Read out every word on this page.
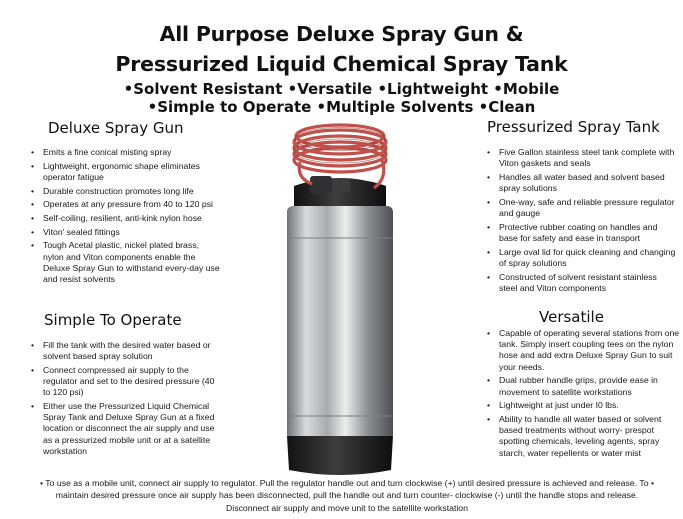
All Purpose Deluxe Spray Gun &
Pressurized Liquid Chemical Spray Tank
•Solvent Resistant •Versatile •Lightweight •Mobile
•Simple to Operate •Multiple Solvents •Clean
Deluxe Spray Gun
• Emits a fine conical misting spray
• Lightweight, ergonomic shape eliminates operator fatigue
• Durable construction promotes long life
• Operates at any pressure from 40 to 120 psi
• Self-coiling, resilient, anti-kink nylon hose
• Viton’ sealed fittings
• Tough Acetal plastic, nickel plated brass, nylon and Viton components enable the Deluxe Spray Gun to withstand every-day use and resist solvents
Simple To Operate
• Fill the tank with the desired water based or solvent based spray solution
• Connect compressed air supply to the regulator and set to the desired pressure (40 to 120 psi)
• Either use the Pressurized Liquid Chemical Spray Tank and Deluxe Spray Gun at a fixed location or disconnect the air supply and use as a pressurized mobile unit or at a satellite workstation
Pressurized Spray Tank
• Five Gallon stainless steel tank complete with Viton gaskets and seals
• Handles all water based and solvent based spray solutions
• One-way, safe and reliable pressure regulator and gauge
• Protective rubber coating on handles and base for safety and ease in transport
• Large oval lid for quick cleaning and changing of spray solutions
• Constructed of solvent resistant stainless steel and Viton components
Versatile
• Capable of operating several stations from one tank. Simply insert coupling tees on the nylon hose and add extra Deluxe Spray Gun to suit your needs.
• Dual rubber handle grips, provide ease in movement to satellite workstations
• Lightweight at just under I0 lbs.
• Ability to handle all water based or solvent based treatments without worry- prespot spotting chemicals, leveling agents, spray starch, water repellents or water mist
• To use as a mobile unit, connect air supply to regulator. Pull the regulator handle out and turn clockwise (+) until desired pressure is achieved and release. To •
maintain desired pressure once air supply has been disconnected, pull the handle out and turn counter- clockwise (-) until the handle stops and release.
Disconnect air supply and move unit to the satellite workstation
